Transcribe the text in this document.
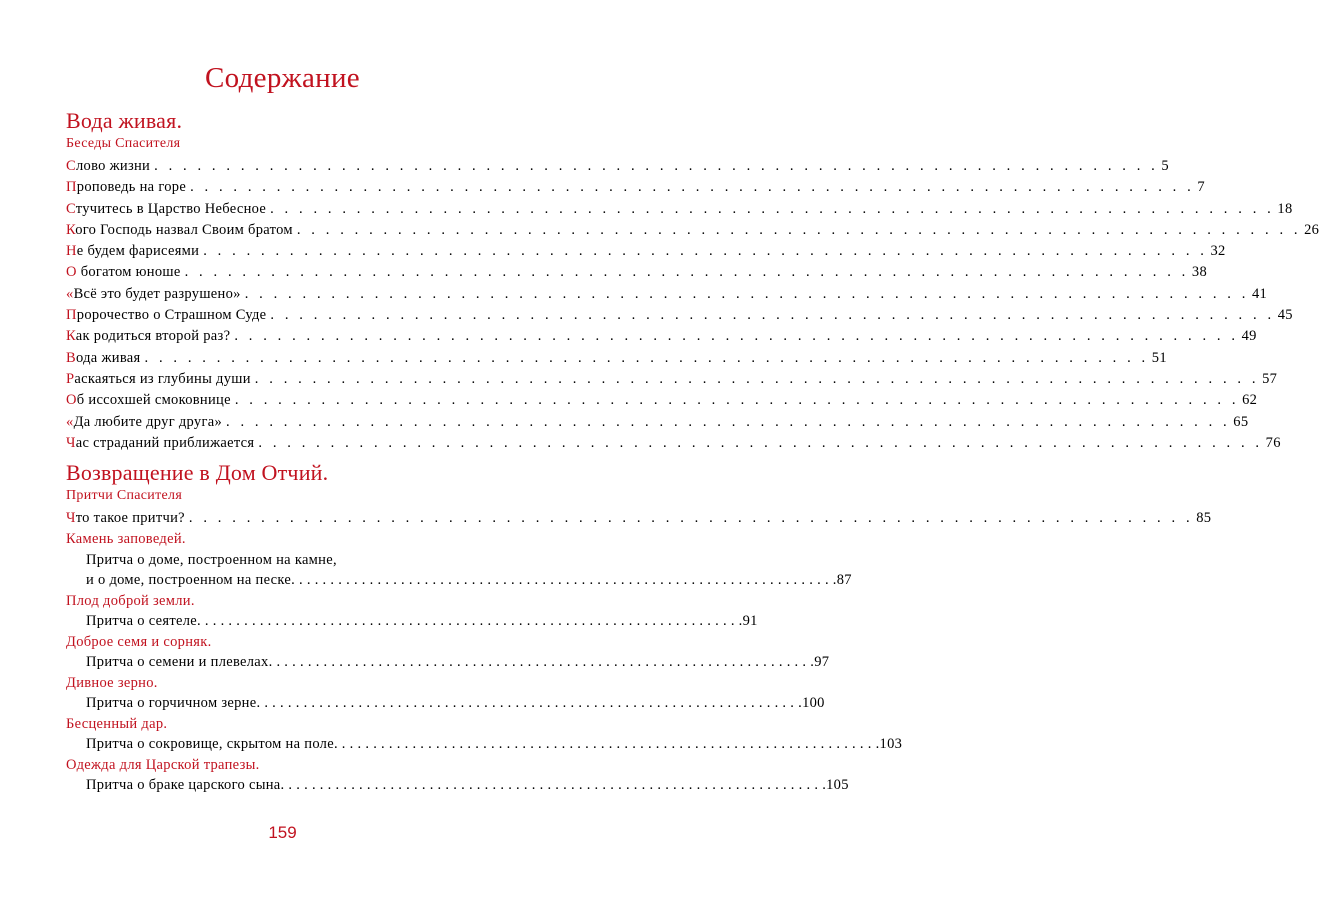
Содержание
Вода живая.
Беседы Спасителя
Слово жизни . . . . . . . . . . . . . . . . . . . . . . . . . . . . . . . . . . . . . . . . . . . . . . . . . . . . . . . . . . . . . . . . . . . . . . 5
Проповедь на горе . . . . . . . . . . . . . . . . . . . . . . . . . . . . . . . . . . . . . . . . . . . . . . . . . . . . . . . . . . . . . . . . . . . . . . 7
Стучитесь в Царство Небесное . . . . . . . . . . . . . . . . . . . . . . . . . . . . . . . . . . . . . . . . . . . . . . . . . . . . . . . . . . . . . . . . . . . . . . 18
Кого Господь назвал Своим братом . . . . . . . . . . . . . . . . . . . . . . . . . . . . . . . . . . . . . . . . . . . . . . . . . . . . . . . . . . . . . . . . . . . . . . 26
Не будем фарисеями . . . . . . . . . . . . . . . . . . . . . . . . . . . . . . . . . . . . . . . . . . . . . . . . . . . . . . . . . . . . . . . . . . . . . . 32
О богатом юноше . . . . . . . . . . . . . . . . . . . . . . . . . . . . . . . . . . . . . . . . . . . . . . . . . . . . . . . . . . . . . . . . . . . . . . 38
«Всё это будет разрушено» . . . . . . . . . . . . . . . . . . . . . . . . . . . . . . . . . . . . . . . . . . . . . . . . . . . . . . . . . . . . . . . . . . . . . . 41
Пророчество о Страшном Суде . . . . . . . . . . . . . . . . . . . . . . . . . . . . . . . . . . . . . . . . . . . . . . . . . . . . . . . . . . . . . . . . . . . . . . 45
Как родиться второй раз? . . . . . . . . . . . . . . . . . . . . . . . . . . . . . . . . . . . . . . . . . . . . . . . . . . . . . . . . . . . . . . . . . . . . . . 49
Вода живая . . . . . . . . . . . . . . . . . . . . . . . . . . . . . . . . . . . . . . . . . . . . . . . . . . . . . . . . . . . . . . . . . . . . . . 51
Раскаяться из глубины души . . . . . . . . . . . . . . . . . . . . . . . . . . . . . . . . . . . . . . . . . . . . . . . . . . . . . . . . . . . . . . . . . . . . . . 57
Об иссохшей смоковнице . . . . . . . . . . . . . . . . . . . . . . . . . . . . . . . . . . . . . . . . . . . . . . . . . . . . . . . . . . . . . . . . . . . . . . 62
«Да любите друг друга» . . . . . . . . . . . . . . . . . . . . . . . . . . . . . . . . . . . . . . . . . . . . . . . . . . . . . . . . . . . . . . . . . . . . . . 65
Час страданий приближается . . . . . . . . . . . . . . . . . . . . . . . . . . . . . . . . . . . . . . . . . . . . . . . . . . . . . . . . . . . . . . . . . . . . . . 76
Возвращение в Дом Отчий.
Притчи Спасителя
Что такое притчи? . . . . . . . . . . . . . . . . . . . . . . . . . . . . . . . . . . . . . . . . . . . . . . . . . . . . . . . . . . . . . . . . . . . . . . 85
Камень заповедей.
Притча о доме, построенном на камне,
и о доме, построенном на песке . . . . . . . . . . . . . . . . . . . . . . . . . . . . . . . . . . . . . . . . . . . . . . . . . . . . . . . . . . . . . . . . . . . . . . 87
Плод доброй земли.
Притча о сеятеле . . . . . . . . . . . . . . . . . . . . . . . . . . . . . . . . . . . . . . . . . . . . . . . . . . . . . . . . . . . . . . . . . . . . . . 91
Доброе семя и сорняк.
Притча о семени и плевелах . . . . . . . . . . . . . . . . . . . . . . . . . . . . . . . . . . . . . . . . . . . . . . . . . . . . . . . . . . . . . . . . . . . . . . 97
Дивное зерно.
Притча о горчичном зерне . . . . . . . . . . . . . . . . . . . . . . . . . . . . . . . . . . . . . . . . . . . . . . . . . . . . . . . . . . . . . . . . . . . . . . 100
Бесценный дар.
Притча о сокровище, скрытом на поле . . . . . . . . . . . . . . . . . . . . . . . . . . . . . . . . . . . . . . . . . . . . . . . . . . . . . . . . . . . . . . . . . . . . . . 103
Одежда для Царской трапезы.
Притча о браке царского сына . . . . . . . . . . . . . . . . . . . . . . . . . . . . . . . . . . . . . . . . . . . . . . . . . . . . . . . . . . . . . . . . . . . . . . 105
159
